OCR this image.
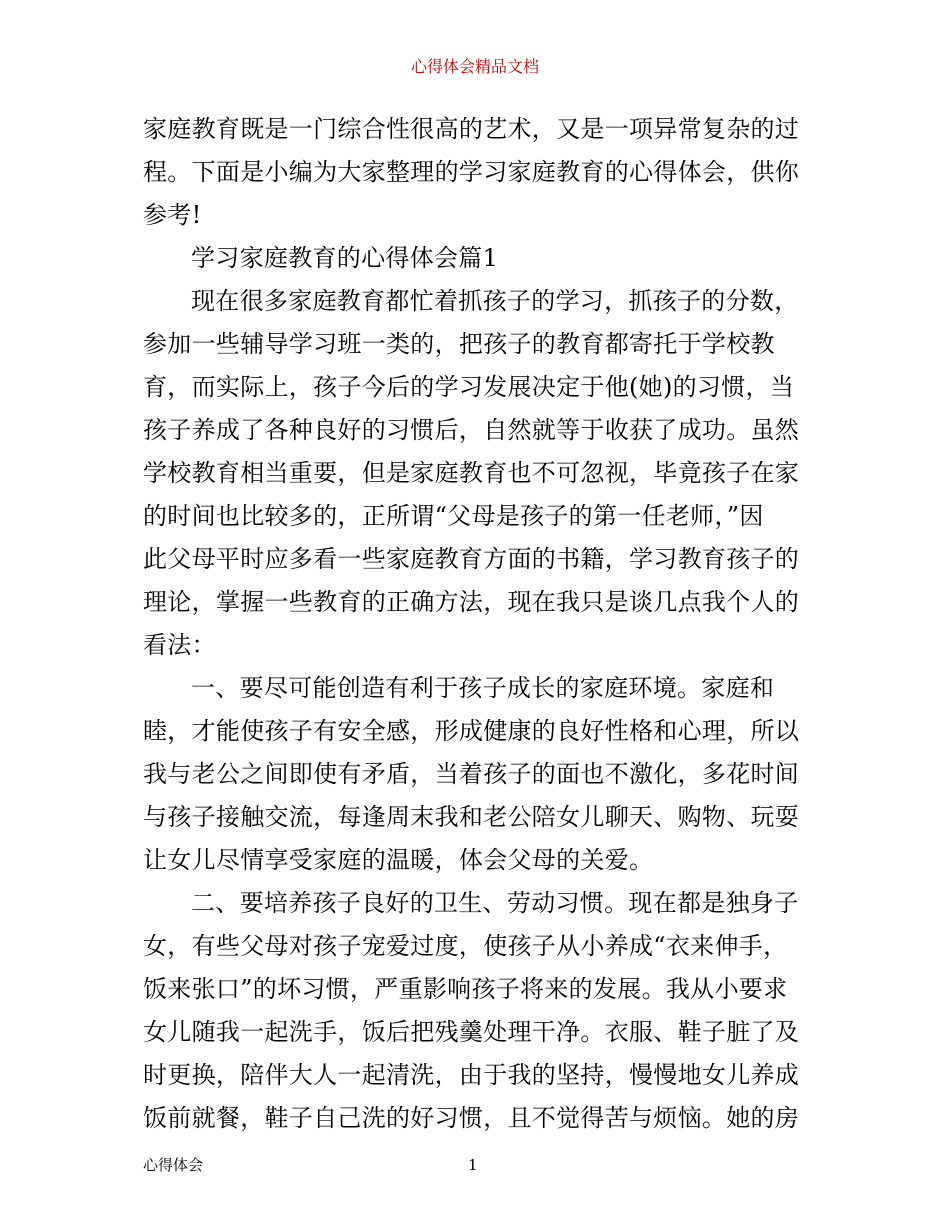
心得体会精品文档
家庭教育既是一门综合性很高的艺术，又是一项异常复杂的过
程。下面是小编为大家整理的学习家庭教育的心得体会，供你
参考!
学习家庭教育的心得体会篇1
现在很多家庭教育都忙着抓孩子的学习，抓孩子的分数，
参加一些辅导学习班一类的，把孩子的教育都寄托于学校教
育，而实际上，孩子今后的学习发展决定于他(她)的习惯，当
孩子养成了各种良好的习惯后，自然就等于收获了成功。虽然
学校教育相当重要，但是家庭教育也不可忽视，毕竟孩子在家
的时间也比较多的，正所谓“父母是孩子的第一任老师，”因
此父母平时应多看一些家庭教育方面的书籍，学习教育孩子的
理论，掌握一些教育的正确方法，现在我只是谈几点我个人的
看法：
一、要尽可能创造有利于孩子成长的家庭环境。家庭和
睦，才能使孩子有安全感，形成健康的良好性格和心理，所以
我与老公之间即使有矛盾，当着孩子的面也不激化，多花时间
与孩子接触交流，每逢周末我和老公陪女儿聊天、购物、玩耍
让女儿尽情享受家庭的温暖，体会父母的关爱。
二、要培养孩子良好的卫生、劳动习惯。现在都是独身子
女，有些父母对孩子宠爱过度，使孩子从小养成“衣来伸手，
饭来张口”的坏习惯，严重影响孩子将来的发展。我从小要求
女儿随我一起洗手，饭后把残羹处理干净。衣服、鞋子脏了及
时更换，陪伴大人一起清洗，由于我的坚持，慢慢地女儿养成
饭前就餐，鞋子自己洗的好习惯，且不觉得苦与烦恼。她的房
心得体会	1
